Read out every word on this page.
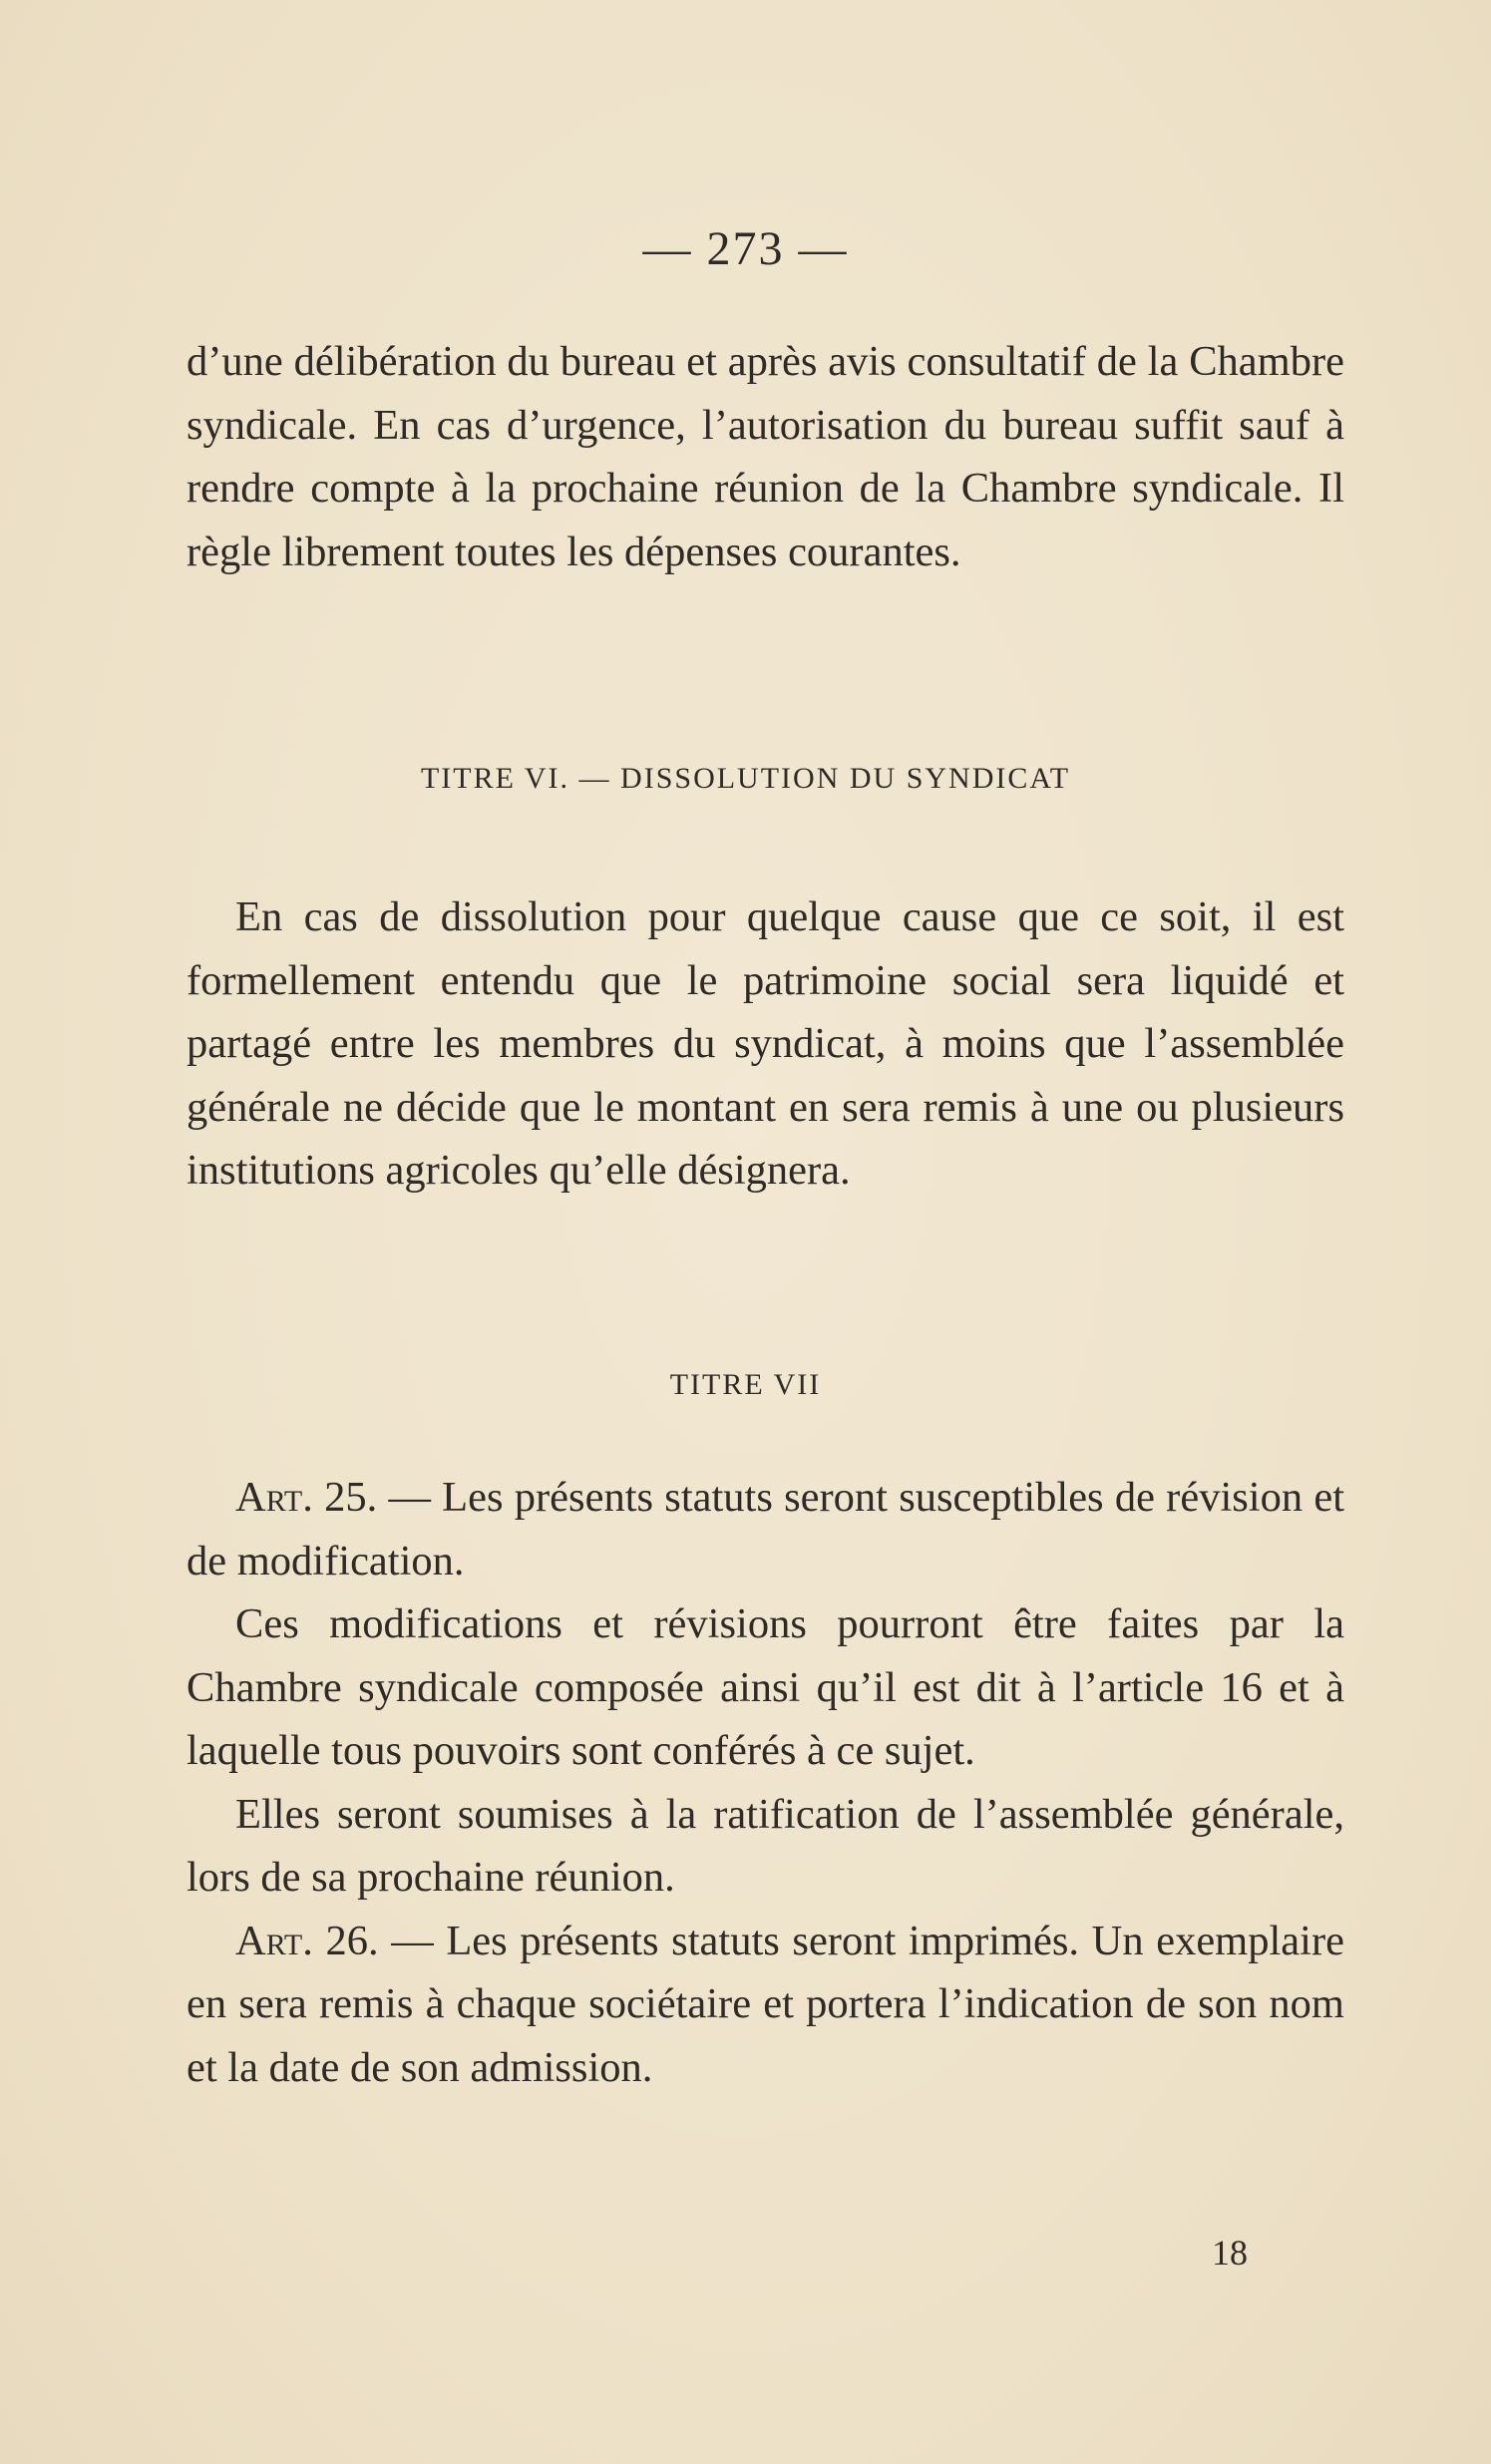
— 273 —

d’une délibération du bureau et après avis consultatif de la Chambre syndicale. En cas d’urgence, l’autorisation du bureau suffit sauf à rendre compte à la prochaine réunion de la Chambre syndicale. Il règle librement toutes les dépenses courantes.

TITRE VI. — DISSOLUTION DU SYNDICAT

En cas de dissolution pour quelque cause que ce soit, il est formellement entendu que le patrimoine social sera liquidé et partagé entre les membres du syndicat, à moins que l’assemblée générale ne décide que le montant en sera remis à une ou plusieurs institutions agricoles qu’elle désignera.

TITRE VII

Art. 25. — Les présents statuts seront susceptibles de révision et de modification.

Ces modifications et révisions pourront être faites par la Chambre syndicale composée ainsi qu’il est dit à l’article 16 et à laquelle tous pouvoirs sont conférés à ce sujet.

Elles seront soumises à la ratification de l’assemblée générale, lors de sa prochaine réunion.

Art. 26. — Les présents statuts seront imprimés. Un exemplaire en sera remis à chaque sociétaire et portera l’indication de son nom et la date de son admission.

18
